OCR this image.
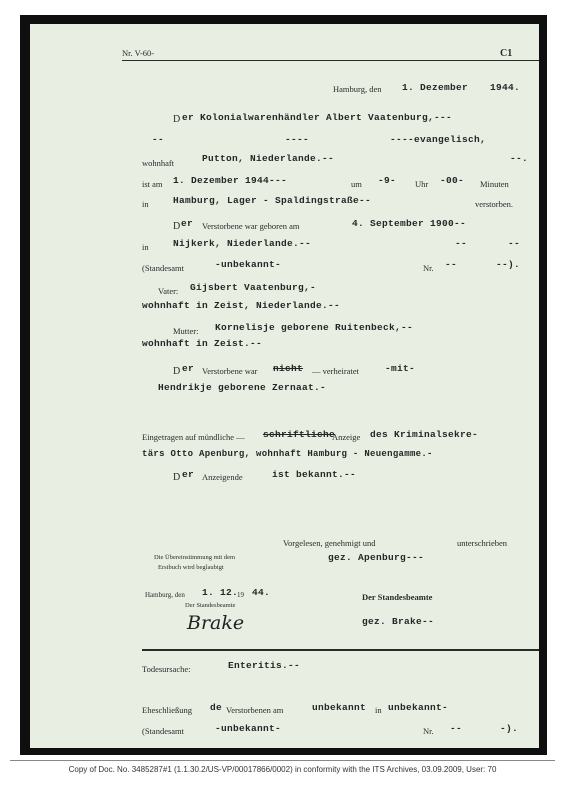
Nr. V-60-	C1
Hamburg, den 1. Dezember 1944.
D er Kolonialwarenhändler Albert Vaatenburg,---
--	----	----evangelisch,
wohnhaft	Putton, Niederlande.--	--.
ist am 1. Dezember 1944---	um -9- Uhr -00- Minuten
in	Hamburg, Lager - Spaldingstraße--	verstorben.
D er Verstorbene war geboren am	4. September 1900--
in	Nijkerk, Niederlande.--	--	--
(Standesamt	-unbekannt-	Nr. --	--).
Vater: Gijsbert Vaatenburg,-
wohnhaft in Zeist, Niederlande.--
Mutter: Kornelisje geborene Ruitenbeck,--
wohnhaft in Zeist.--
D er Verstorbene war nicht — verheiratet	-mit-
Hendrikje geborene Zernaat.-
Eingetragen auf mündliche — schriftliche
Anzeige des Kriminalsekre-
tärs Otto Apenburg, wohnhaft Hamburg - Neuengamme.-
D er Anzeigende	ist bekannt.--
Vorgelesen, genehmigt und	unterschrieben
gez. Apenburg---
Die Übereinstimmung mit dem
Erstbuch wird beglaubigt
Hamburg, den 1. 12.
19 44.	Der Standesbeamte
Der Standesbeamte
Brake	gez. Brake--
Todesursache:	Enteritis.--
Eheschließung de Verstorbenen am	unbekannt in unbekannt-
(Standesamt	-unbekannt-	Nr. --	-).
Copy of Doc. No. 3485287#1 (1.1.30.2/US-VP/00017866/0002) in conformity with the ITS Archives, 03.09.2009, User: 70
